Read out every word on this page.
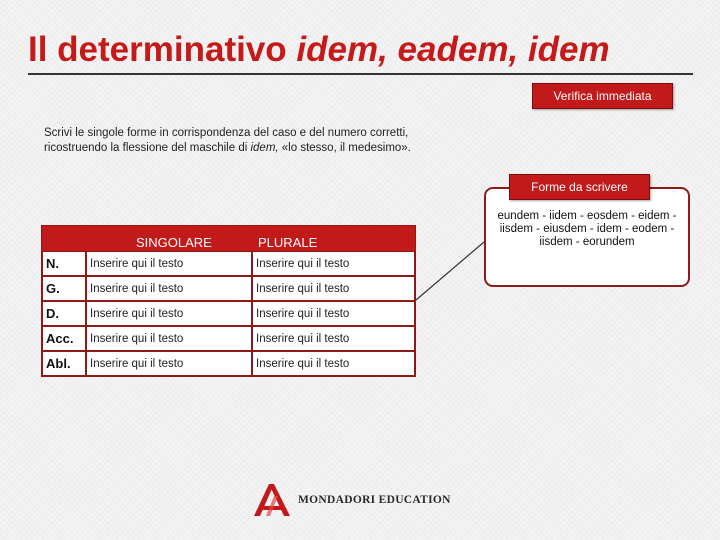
Il determinativo idem, eadem, idem
Verifica immediata
Scrivi le singole forme in corrispondenza del caso e del numero corretti,
ricostruendo la flessione del maschile di idem, «lo stesso, il medesimo».
eundem - iidem - eosdem - eidem - iisdem - eiusdem - idem - eodem - iisdem - eorundem
Forme da scrivere
	SINGOLARE	PLURALE
N.	Inserire qui il testo	Inserire qui il testo
G.	Inserire qui il testo	Inserire qui il testo
D.	Inserire qui il testo	Inserire qui il testo
Acc.	Inserire qui il testo	Inserire qui il testo
Abl.	Inserire qui il testo	Inserire qui il testo
MONDADORI EDUCATION
